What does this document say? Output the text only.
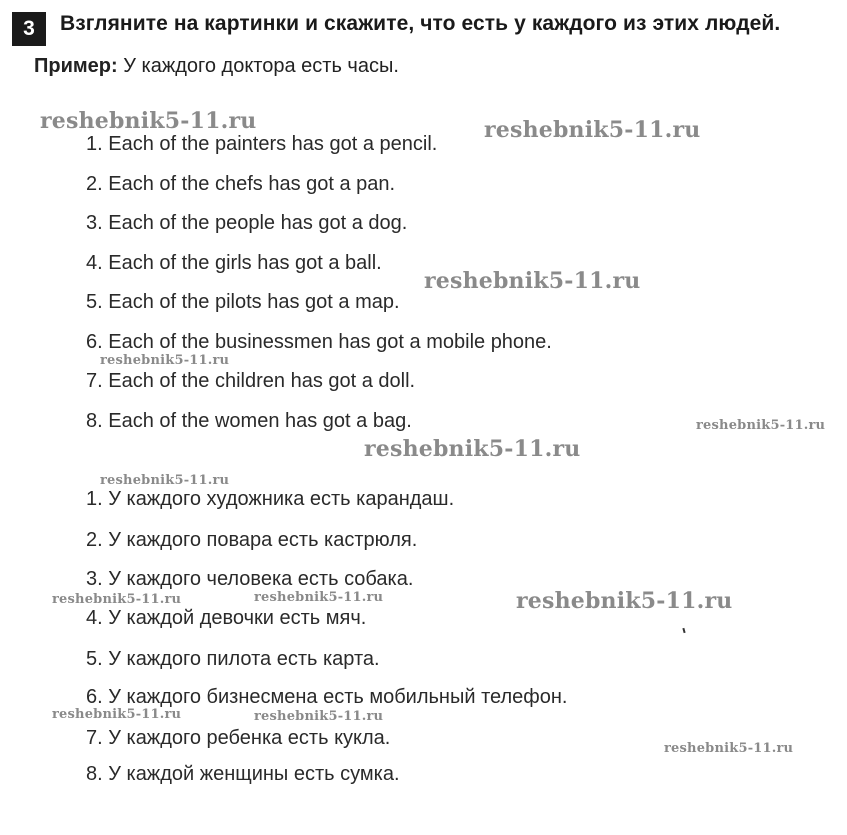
3	Взгляните на картинки и скажите, что есть у каждого из этих людей.
Пример: У каждого доктора есть часы.
1. Each of the painters has got a pencil.
2. Each of the chefs has got a pan.
3. Each of the people has got a dog.
4. Each of the girls has got a ball.
5. Each of the pilots has got a map.
6. Each of the businessmen has got a mobile phone.
7. Each of the children has got a doll.
8. Each of the women has got a bag.
1. У каждого художника есть карандаш.
2. У каждого повара есть кастрюля.
3. У каждого человека есть собака.
4. У каждой девочки есть мяч.
5. У каждого пилота есть карта.
6. У каждого бизнесмена есть мобильный телефон.
7. У каждого ребенка есть кукла.
8. У каждой женщины есть сумка.
reshebnik5-11.ru	reshebnik5-11.ru
reshebnik5-11.ru
reshebnik5-11.ru
reshebnik5-11.ru
reshebnik5-11.ru
reshebnik5-11.ru
reshebnik5-11.ru	reshebnik5-11.ru	reshebnik5-11.ru
reshebnik5-11.ru	reshebnik5-11.ru
reshebnik5-11.ru
